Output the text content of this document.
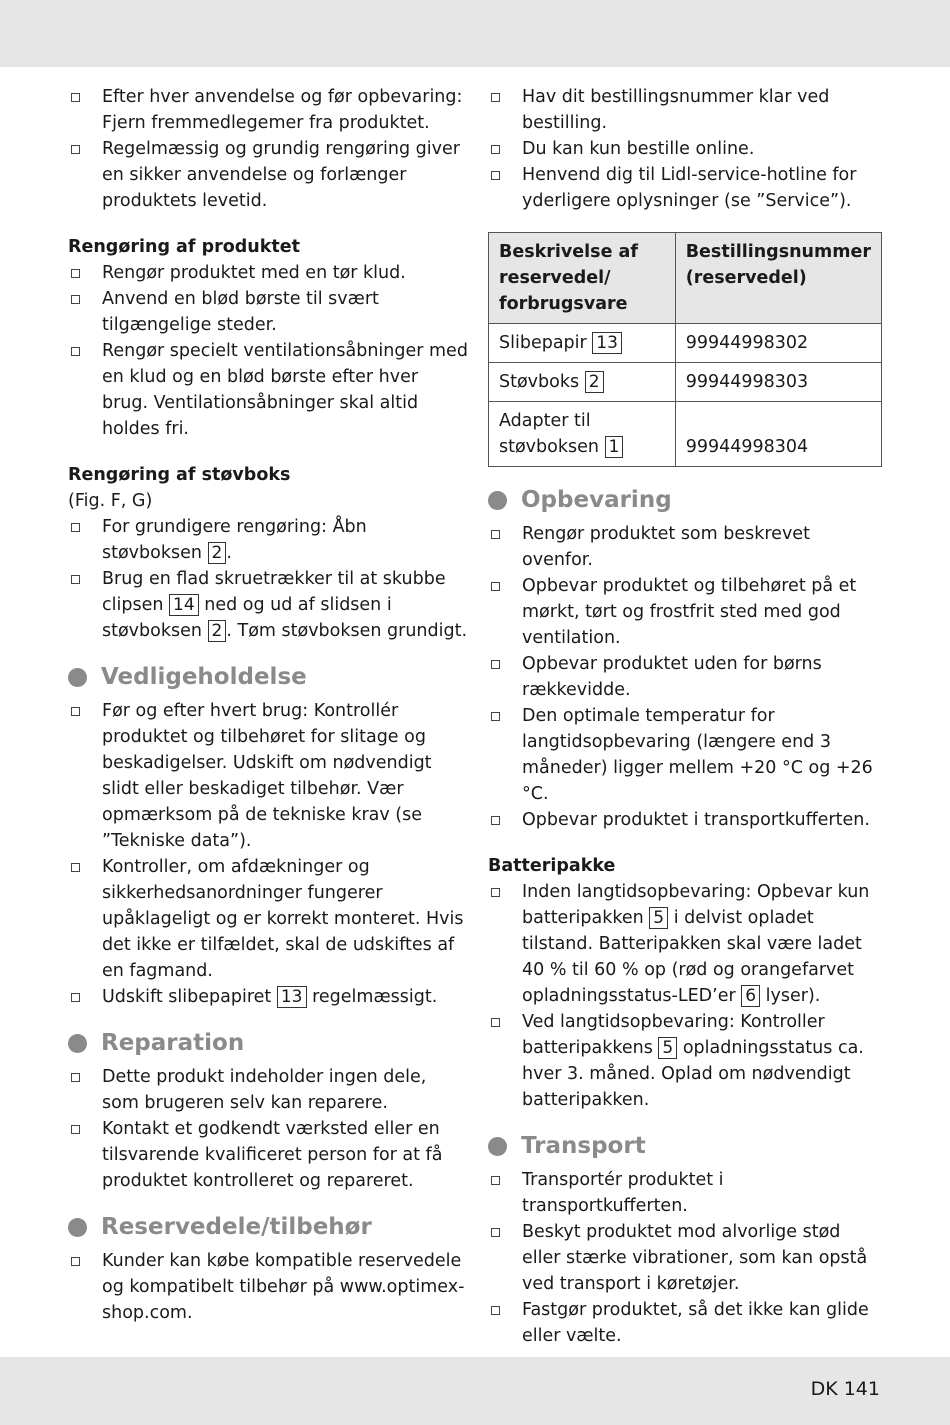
Efter hver anvendelse og før opbevaring: Fjern fremmedlegemer fra produktet.
Regelmæssig og grundig rengøring giver en sikker anvendelse og forlænger produktets levetid.
Rengøring af produktet
Rengør produktet med en tør klud.
Anvend en blød børste til svært tilgængelige steder.
Rengør specielt ventilationsåbninger med en klud og en blød børste efter hver brug. Ventilationsåbninger skal altid holdes fri.
Rengøring af støvboks

(Fig. F, G)

For grundigere rengøring: Åbn støvboksen 2 .
Brug en flad skruetrækker til at skubbe clipsen 14 ned og ud af slidsen i støvboksen 2 . Tøm støvboksen grundigt.
Vedligeholdelse
Før og efter hvert brug: Kontrollér produktet og tilbehøret for slitage og beskadigelser. Udskift om nødvendigt slidt eller beskadiget tilbehør. Vær opmærksom på de tekniske krav (se ”Tekniske data”).
Kontroller, om afdækninger og sikkerhedsanordninger fungerer upåklageligt og er korrekt monteret. Hvis det ikke er tilfældet, skal de udskiftes af en fagmand.
Udskift slibepapiret 13 regelmæssigt.
Reparation
Dette produkt indeholder ingen dele, som brugeren selv kan reparere.
Kontakt et godkendt værksted eller en tilsvarende kvalificeret person for at få produktet kontrolleret og repareret.
Reservedele/tilbehør
Kunder kan købe kompatible reservedele og kompatibelt tilbehør på www.optimex-shop.com.
Hav dit bestillingsnummer klar ved bestilling.
Du kan kun bestille online.
Henvend dig til Lidl-service-hotline for yderligere oplysninger (se ”Service”).
Beskrivelse af reservedel/ forbrugsvare	Bestillingsnummer (reservedel)
Slibepapir 13	99944998302
Støvboks 2	99944998303
Adapter til støvboksen 1	99944998304
Opbevaring
Rengør produktet som beskrevet ovenfor.
Opbevar produktet og tilbehøret på et mørkt, tørt og frostfrit sted med god ventilation.
Opbevar produktet uden for børns rækkevidde.
Den optimale temperatur for langtidsopbevaring (længere end 3 måneder) ligger mellem +20 °C og +26 °C.
Opbevar produktet i transportkufferten.
Batteripakke
Inden langtidsopbevaring: Opbevar kun batteripakken 5 i delvist opladet tilstand. Batteripakken skal være ladet 40 % til 60 % op (rød og orangefarvet opladningsstatus-LED’er 6 lyser).
Ved langtidsopbevaring: Kontroller batteripakkens 5 opladningsstatus ca. hver 3. måned. Oplad om nødvendigt batteripakken.
Transport
Transportér produktet i transportkufferten.
Beskyt produktet mod alvorlige stød eller stærke vibrationer, som kan opstå ved transport i køretøjer.
Fastgør produktet, så det ikke kan glide eller vælte.
DK 141
